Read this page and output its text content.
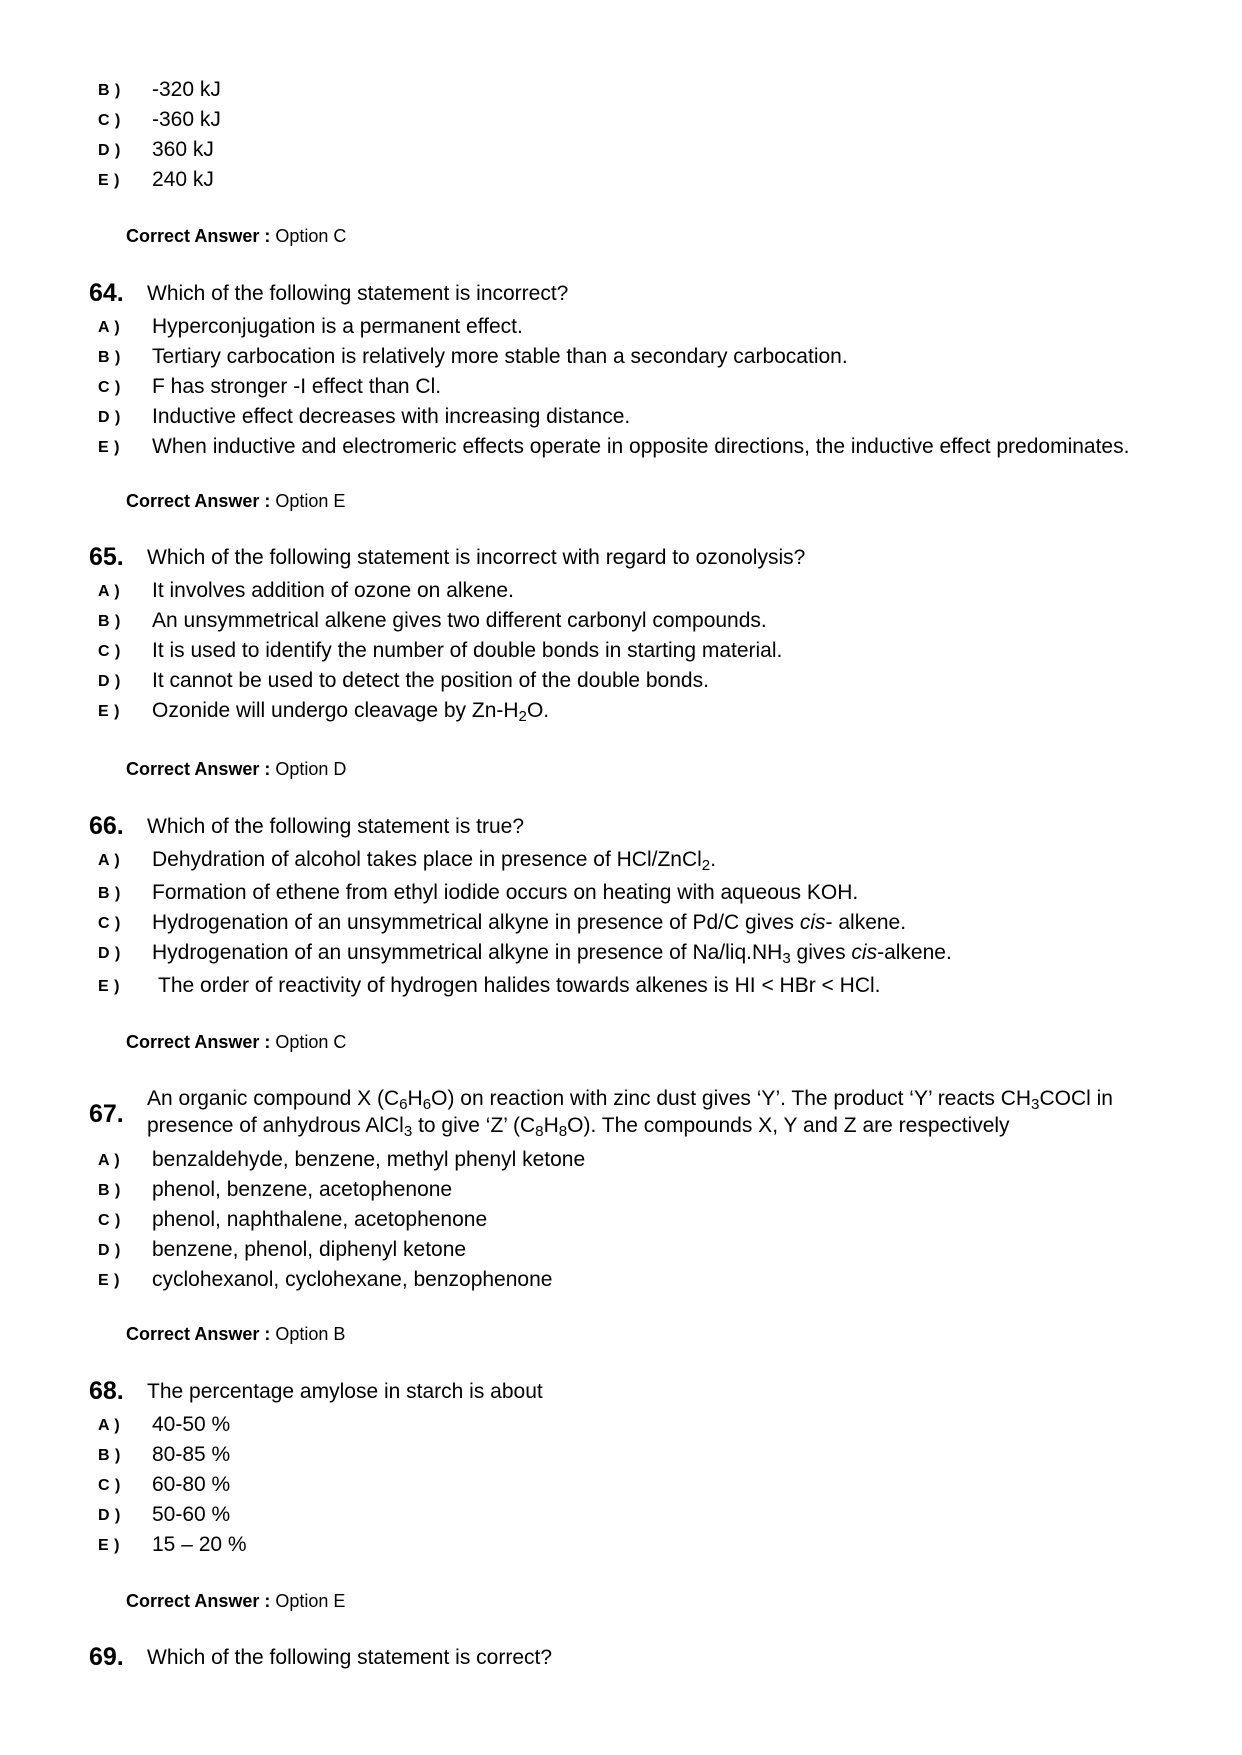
B )	-320 kJ
C )	-360 kJ
D )	360 kJ
E )	240 kJ
Correct Answer : Option C
64. Which of the following statement is incorrect?
A )	Hyperconjugation is a permanent effect.
B )	Tertiary carbocation is relatively more stable than a secondary carbocation.
C )	F has stronger -I effect than Cl.
D )	Inductive effect decreases with increasing distance.
E )	When inductive and electromeric effects operate in opposite directions, the inductive effect predominates.
Correct Answer : Option E
65. Which of the following statement is incorrect with regard to ozonolysis?
A )	It involves addition of ozone on alkene.
B )	An unsymmetrical alkene gives two different carbonyl compounds.
C )	It is used to identify the number of double bonds in starting material.
D )	It cannot be used to detect the position of the double bonds.
E )	Ozonide will undergo cleavage by $Zn-H_2O$.
Correct Answer : Option D
66. Which of the following statement is true?
A )	Dehydration of alcohol takes place in presence of HCl/ZnCl$_2$.
B )	Formation of ethene from ethyl iodide occurs on heating with aqueous KOH.
C )	Hydrogenation of an unsymmetrical alkyne in presence of Pd/C gives cis- alkene.
D )	Hydrogenation of an unsymmetrical alkyne in presence of $Na/liq.NH_3$ gives cis-alkene.
E )	The order of reactivity of hydrogen halides towards alkenes is HI < HBr < HCl.
Correct Answer : Option C
67.
An organic compound X $(C_6H_6O)$ on reaction with zinc dust gives ‘Y’. The product ‘Y’ reacts $CH_3COCl$ in presence of anhydrous AlCl$_3$ to give ‘Z’ $(C_8H_8O)$. The compounds X, Y and Z are respectively
A )	benzaldehyde, benzene, methyl phenyl ketone
B )	phenol, benzene, acetophenone
C )	phenol, naphthalene, acetophenone
D )	benzene, phenol, diphenyl ketone
E )	cyclohexanol, cyclohexane, benzophenone
Correct Answer : Option B
68. The percentage amylose in starch is about
A )	40-50 %
B )	80-85 %
C )	60-80 %
D )	50-60 %
E )	15 – 20 %
Correct Answer : Option E
69. Which of the following statement is correct?
